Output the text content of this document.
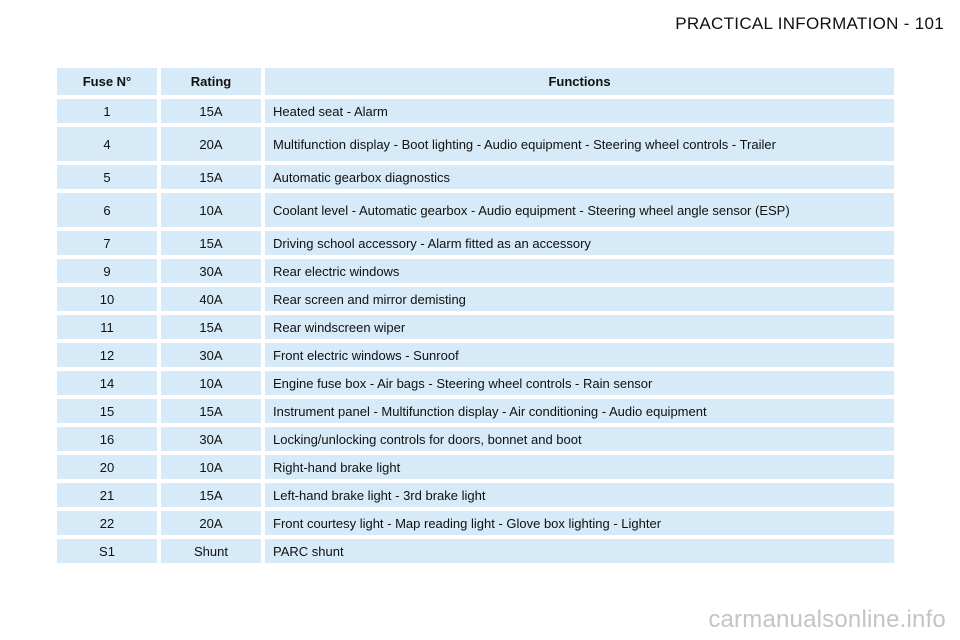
PRACTICAL INFORMATION - 101
Fuse N°	Rating	Functions
1	15A	Heated seat - Alarm
4	20A	Multifunction display - Boot lighting - Audio equipment - Steering wheel controls - Trailer
5	15A	Automatic gearbox diagnostics
6	10A	Coolant level - Automatic gearbox - Audio equipment - Steering wheel angle sensor (ESP)
7	15A	Driving school accessory - Alarm fitted as an accessory
9	30A	Rear electric windows
10	40A	Rear screen and mirror demisting
11	15A	Rear windscreen wiper
12	30A	Front electric windows - Sunroof
14	10A	Engine fuse box - Air bags - Steering wheel controls - Rain sensor
15	15A	Instrument panel - Multifunction display - Air conditioning - Audio equipment
16	30A	Locking/unlocking controls for doors, bonnet and boot
20	10A	Right-hand brake light
21	15A	Left-hand brake light - 3rd brake light
22	20A	Front courtesy light - Map reading light - Glove box lighting - Lighter
S1	Shunt	PARC shunt
carmanualsonline.info
